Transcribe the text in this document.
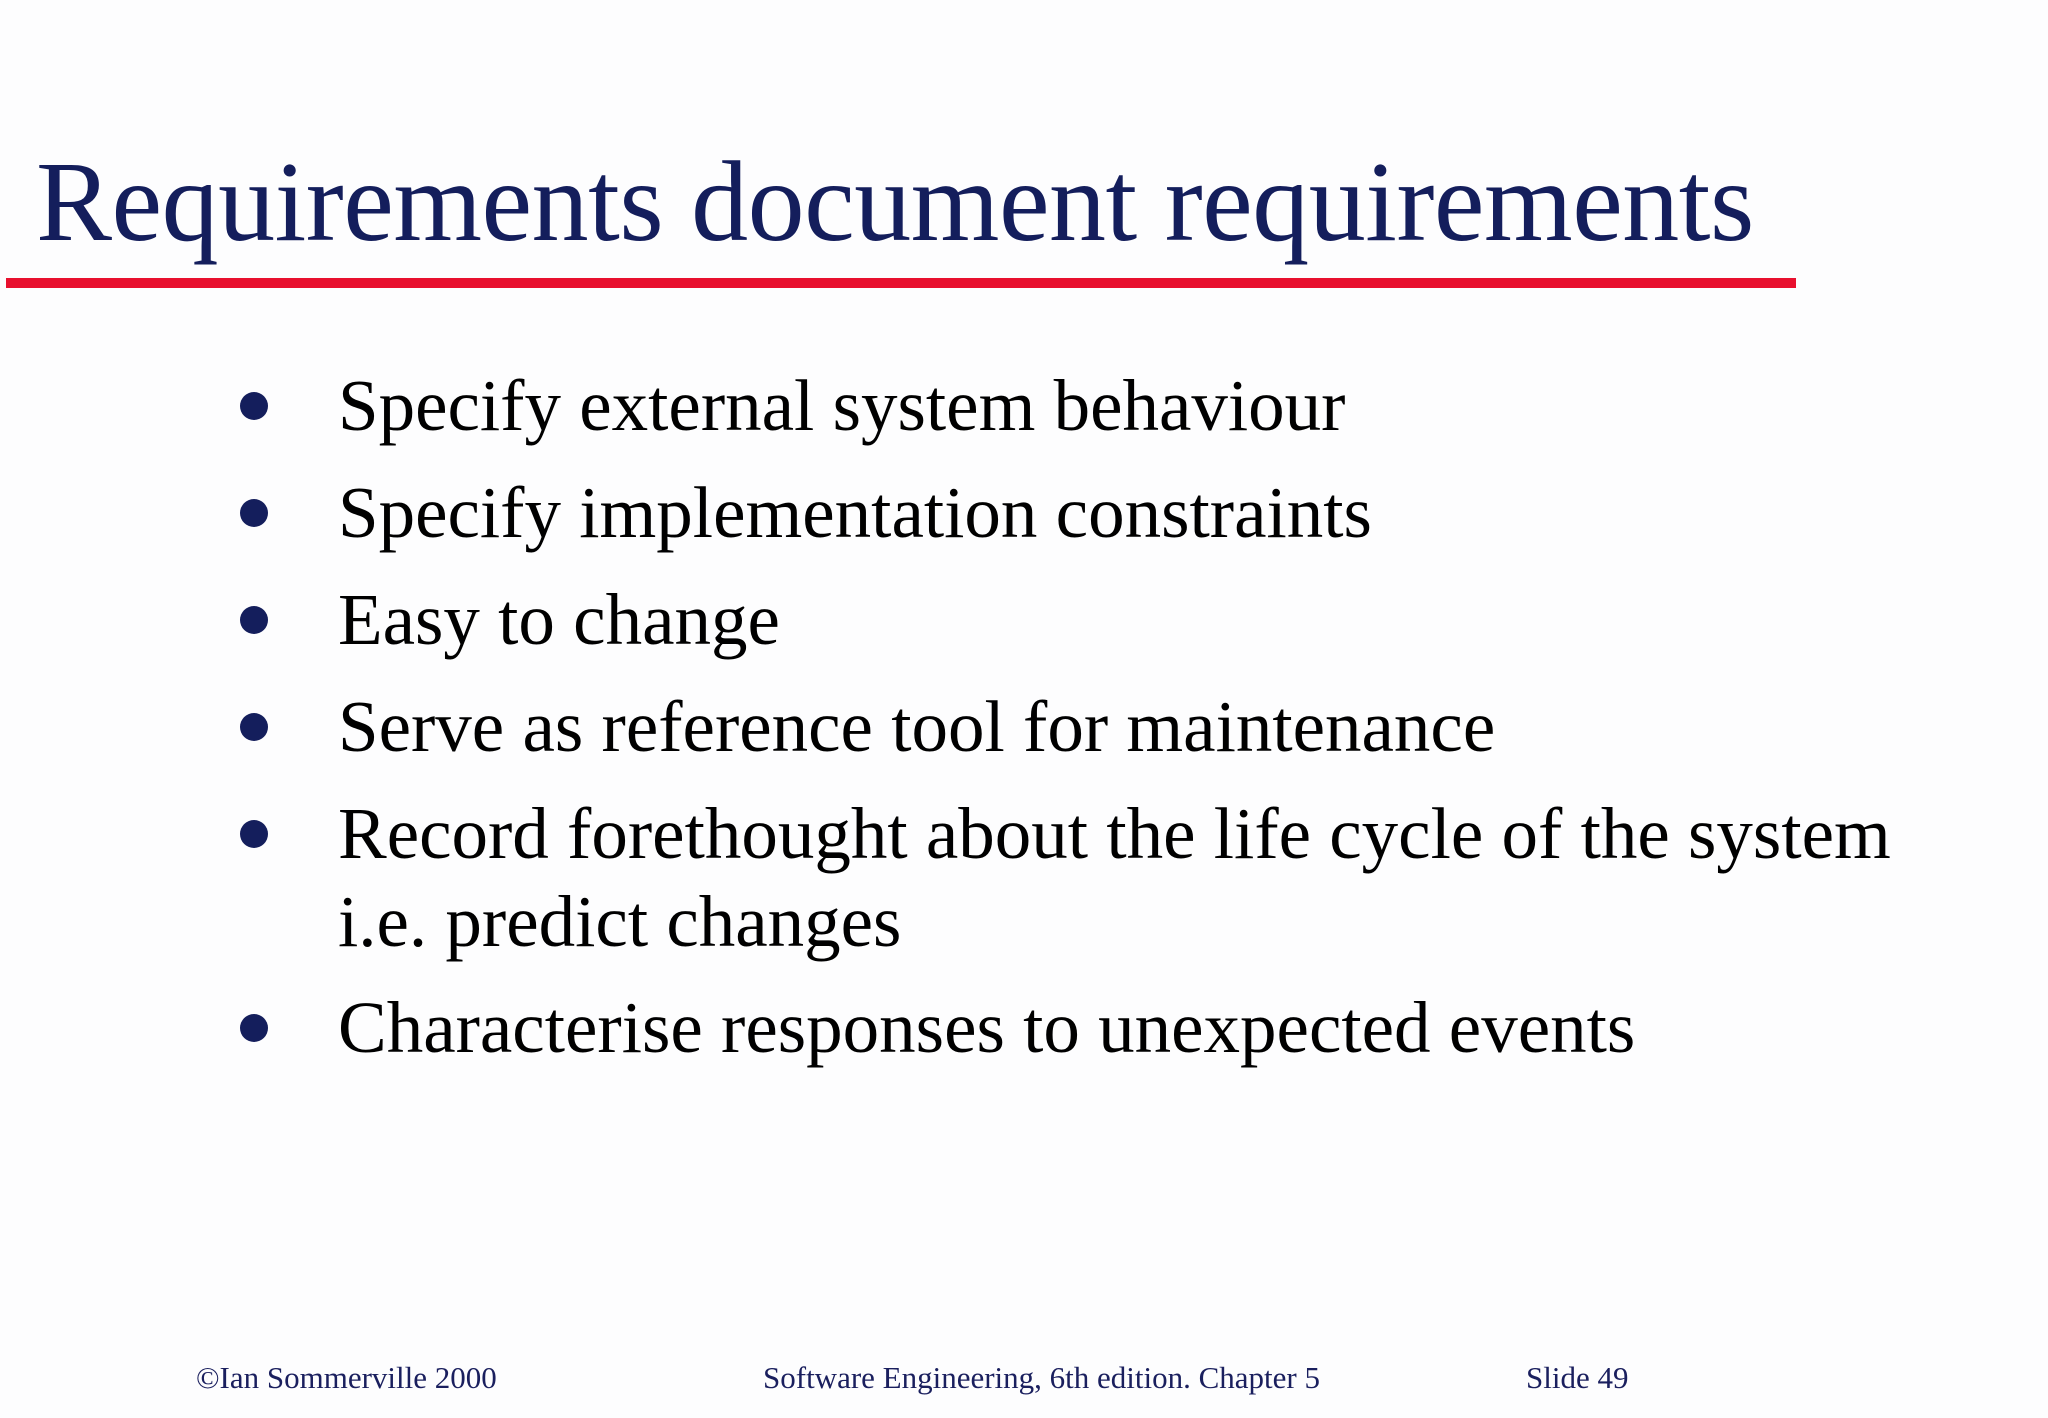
Requirements document requirements
Specify external system behaviour
Specify implementation constraints
Easy to change
Serve as reference tool for maintenance
Record forethought about the life cycle of the system
i.e. predict changes
Characterise responses to unexpected events
©Ian Sommerville 2000	Software Engineering, 6th edition. Chapter 5	Slide 49
